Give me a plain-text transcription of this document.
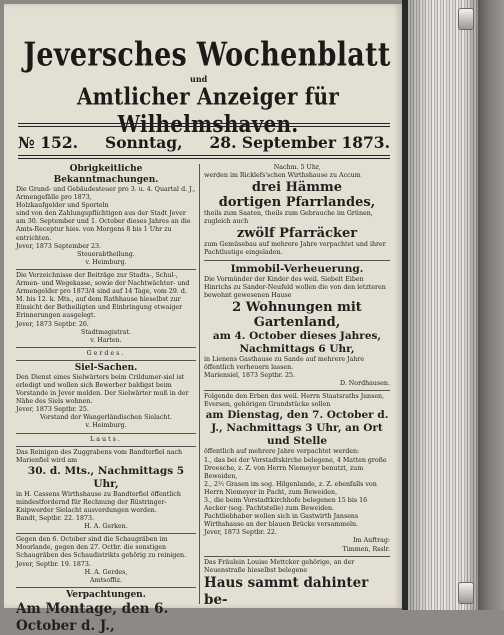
Jeversches Wochenblatt
und
Amtlicher Anzeiger für Wilhelmshaven.
№ 152. Sonntag, 28. September 1873.

Obrigkeitliche Bekanntmachungen.

Die Grund- und Gebäudesteuer pro 3. u. 4. Quartal d. J.,

Armengefälle pro 1873,

Holzkaufgelder und Sporteln

sind von den Zahlungspflichtigen aus der Stadt Jever am 30. September und 1. October dieses Jahres an die Amts-Receptur hies. von Morgens 8 bis 1 Uhr zu entrichten.

Jever, 1873 September 23.

Steuerabtheilung.

v. Heimburg.

Die Verzeichnisse der Beiträge zur Stadts-, Schul-, Armen- und Wegekasse, sowie der Nachtwächter- und Armengelder pro 1873/4 sind auf 14 Tage, vom 29. d. M. bis 12. k. Mts., auf dem Rathhause hieselbst zur Einsicht der Betheiligten und Einbringung etwaiger Erinnerungen ausgelegt.

Jever, 1873 Septbr. 26.

Stadtmagistrat.

v. Harten.

Gerdes.

Siel-Sachen.

Den Dienst eines Sielwärters beim Crildumer-siel ist erledigt und wollen sich Bewerber baldigst beim Vorstande in Jever melden. Der Sielwärter muß in der Nähe des Siels wohnen.

Jever, 1873 Septbr. 25.

Vorstand der Wangerländischen Sielacht.

v. Heimburg.

Lauts.

Das Reinigen des Zuggrabens vom Bandterfiel nach Marienfiel wird am

30. d. Mts., Nachmittags 5 Uhr,

in H. Cassens Wirthshause zu Bandterfiel öffentlich mindestfordernd für Rechnung der Rüstringer-Knipwerder Sielacht ausverdungen werden.

Bandt, Septbr. 22. 1873.

H. A. Gerken.

Gegen den 6. October sind die Schaugräben im Moorlande, gegen den 27. Octbr. die sonstigen Schaugräben des Schaudistrikts gehörig zu reinigen.

Jever, Septbr. 19. 1873.

H. A. Gerdes,

Amtsoffiz.

Verpachtungen.

Am Montage, den 6. October d. J.,

Nachm. 5 Uhr,

werden im Ricklefs'schen Wirthshause zu Accum

drei Hämme

dortigen Pfarrlandes,

theils zum Saaten, theils zum Gebrauche im Grünen, zugleich auch

zwölf Pfarräcker

zum Gemüsebau auf mehrere Jahre verpachtet und ihrer Pachtlustige eingeladen.

Immobil-Verheuerung.

Die Vormünder der Kinder des weil. Siebelt Eiben Hinrichs zu Sander-Neufeld wollen die von den letzteren bewohnt gewesenen Hause

2 Wohnungen mit Gartenland,

am 4. October dieses Jahres, Nachmittags 6 Uhr,

in Lienens Gasthause zu Sande auf mehrere Jahre öffentlich verheuern lassen.

Mariensiel, 1873 Septbr. 25.

D. Nordhausen.

Folgende den Erben des weil. Herrn Staatsraths Jansen, Eversen, gehörigen Grundstücke sollen

am Dienstag, den 7. October d. J., Nachmittags 3 Uhr, an Ort und Stelle

öffentlich auf mehrere Jahre verpachtet werden:

1., das bei der Vorstadtskirche belegene, 4 Matten große Dreesche, z. Z. von Herrn Niemeyer benutzt, zum Beweiden,

2., 2½ Grasen im sog. Hilgenlande, z. Z. ebenfalls von Herrn Niemeyer in Pacht, zum Beweiden,

3., die beim Vorstadtkirchhofe belegenen 15 bis 16 Aecker (sog. Pachtstelle) zum Beweiden.

Pachtliebhaber wollen sich in Gastwirth Jansens Wirthshause an der blauen Brücke versammeln.

Jever, 1873 Septbr. 22.

Im Auftrag:

Timmen, Rsslr.

Das Fräulein Louise Mettcker gehörige, an der Neuenstraße hieselbst belegene

Haus sammt dahinter be-
